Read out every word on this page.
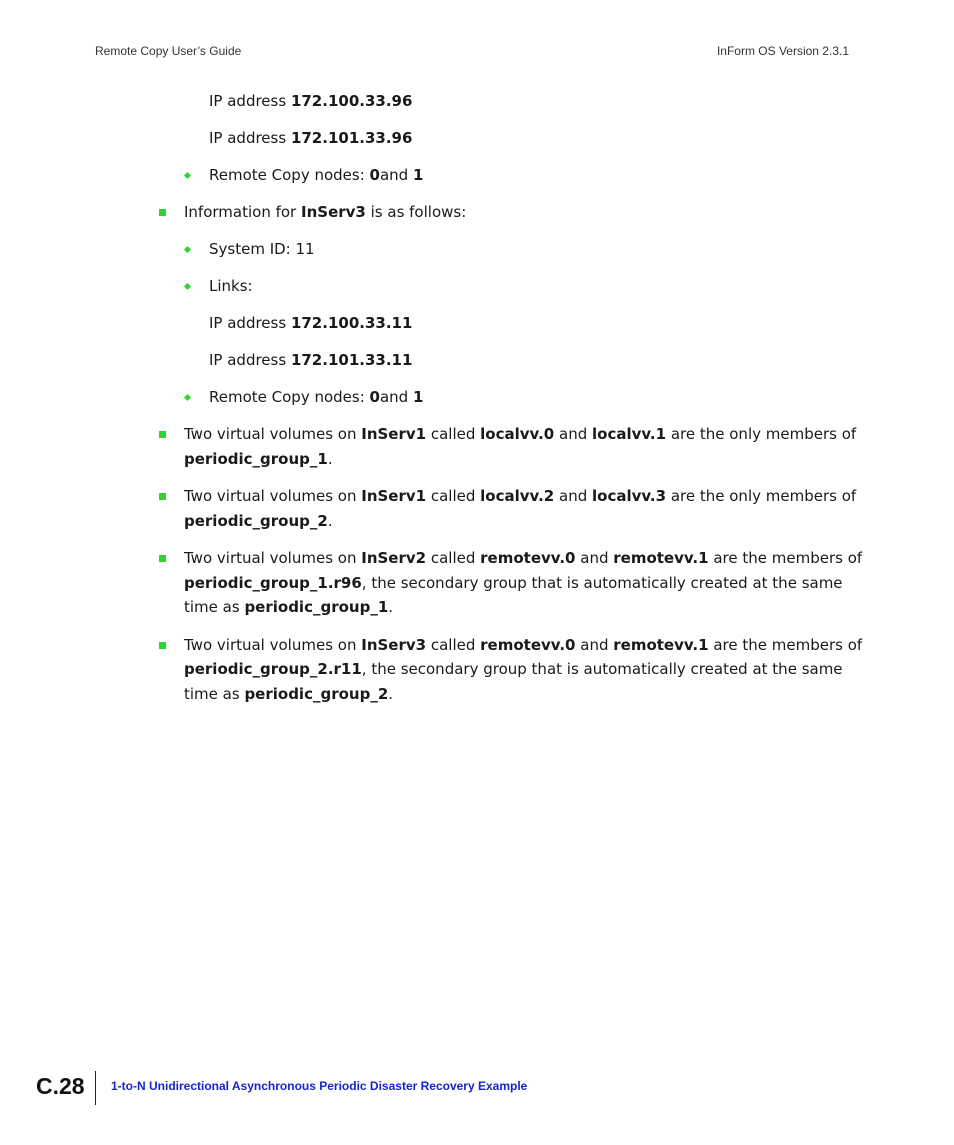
Remote Copy User’s Guide	InForm OS Version 2.3.1
IP address 172.100.33.96
IP address 172.101.33.96
Remote Copy nodes: 0and 1
Information for InServ3 is as follows:
System ID: 11
Links:
IP address 172.100.33.11
IP address 172.101.33.11
Remote Copy nodes: 0and 1
Two virtual volumes on InServ1 called localvv.0 and localvv.1 are the only members of
periodic_group_1.
Two virtual volumes on InServ1 called localvv.2 and localvv.3 are the only members of
periodic_group_2.
Two virtual volumes on InServ2 called remotevv.0 and remotevv.1 are the members of
periodic_group_1.r96, the secondary group that is automatically created at the same
time as periodic_group_1.
Two virtual volumes on InServ3 called remotevv.0 and remotevv.1 are the members of
periodic_group_2.r11, the secondary group that is automatically created at the same
time as periodic_group_2.
C.28 1-to-N Unidirectional Asynchronous Periodic Disaster Recovery Example
